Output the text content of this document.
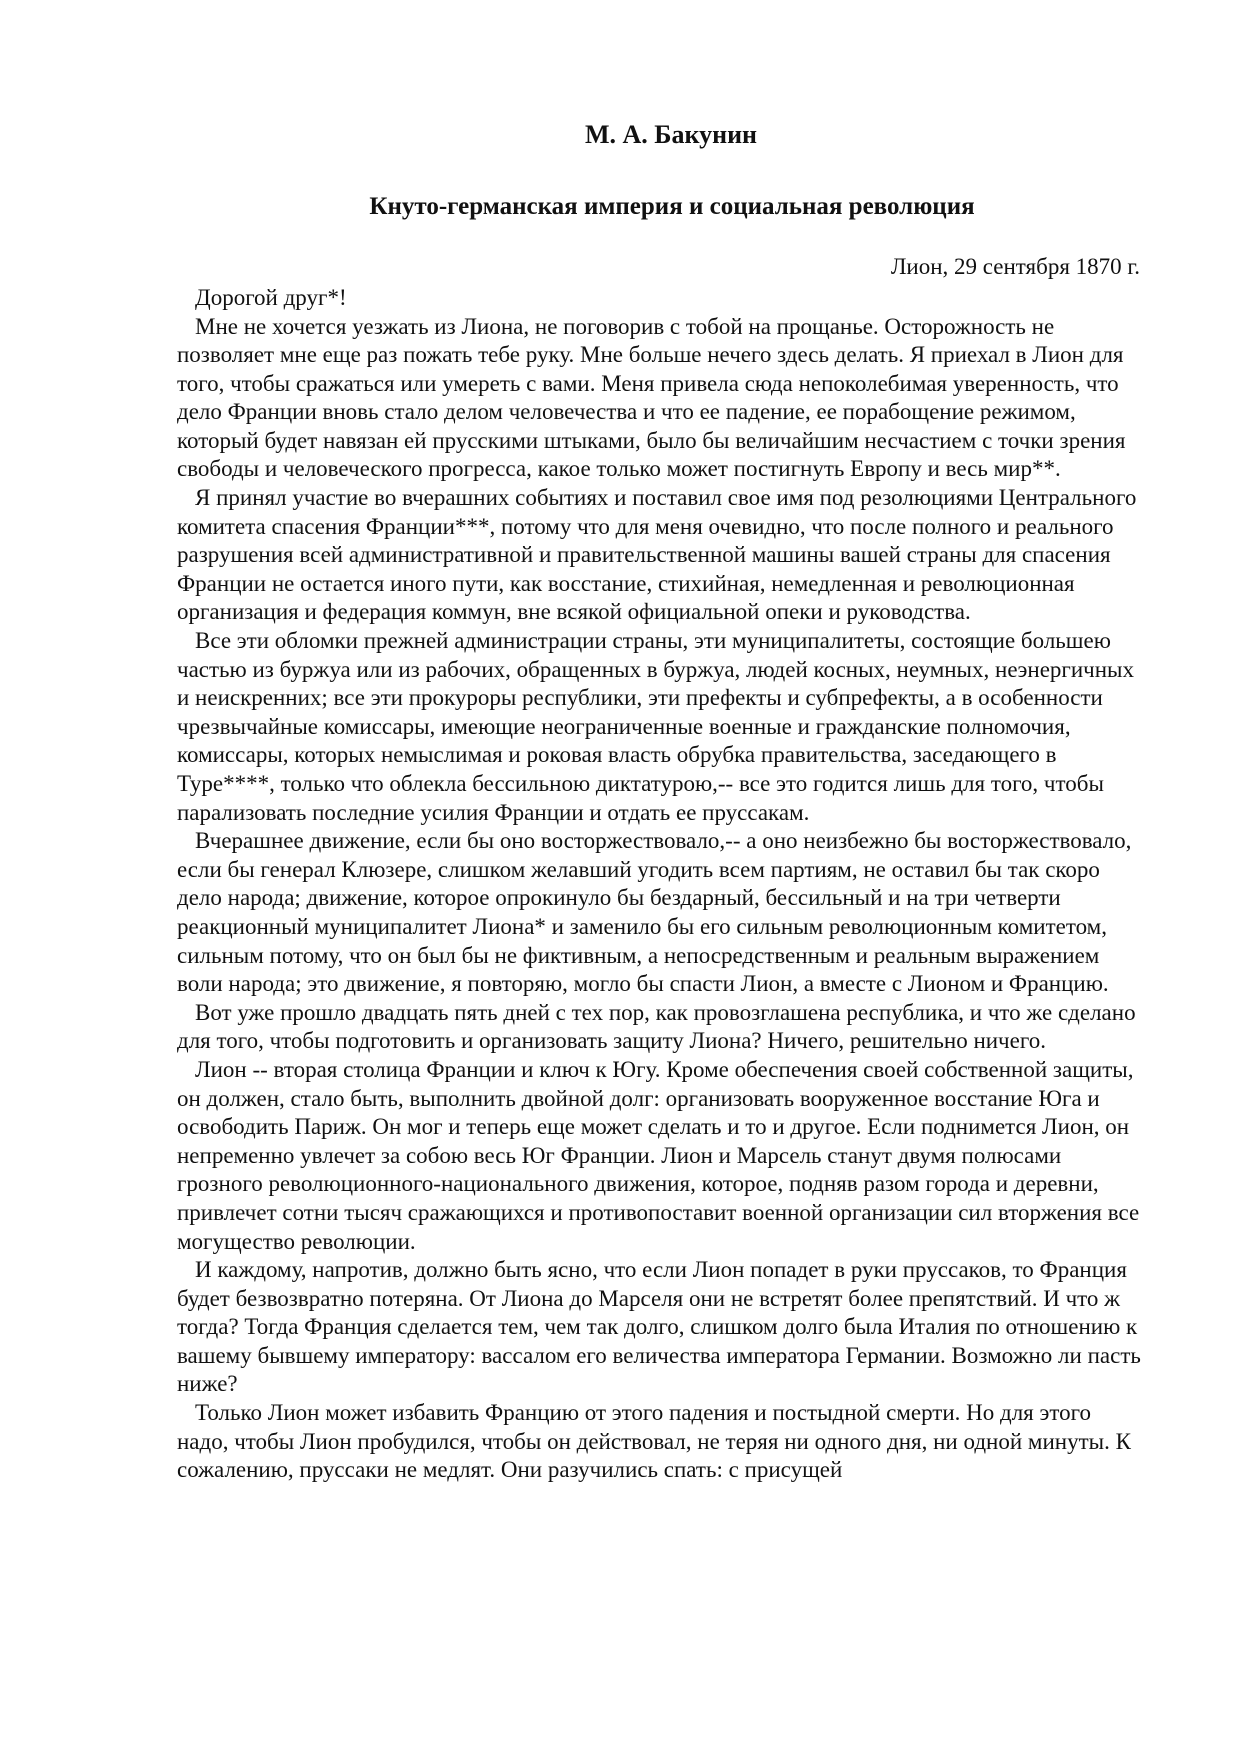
М. А. Бакунин
Кнуто-германская империя и социальная революция

Лион, 29 сентября 1870 г.

Дорогой друг*!

Мне не хочется уезжать из Лиона, не поговорив с тобой на прощанье. Осторожность не позволяет мне еще раз пожать тебе руку. Мне больше нечего здесь делать. Я приехал в Лион для того, чтобы сражаться или умереть с вами. Меня привела сюда непоколебимая уверенность, что дело Франции вновь стало делом человечества и что ее падение, ее порабощение режимом, который будет навязан ей прусскими штыками, было бы величайшим несчастием с точки зрения свободы и человеческого прогресса, какое только может постигнуть Европу и весь мир**.

Я принял участие во вчерашних событиях и поставил свое имя под резолюциями Центрального комитета спасения Франции***, потому что для меня очевидно, что после полного и реального разрушения всей административной и правительственной машины вашей страны для спасения Франции не остается иного пути, как восстание, стихийная, немедленная и революционная организация и федерация коммун, вне всякой официальной опеки и руководства.

Все эти обломки прежней администрации страны, эти муниципалитеты, состоящие большею частью из буржуа или из рабочих, обращенных в буржуа, людей косных, неумных, неэнергичных и неискренних; все эти прокуроры республики, эти префекты и субпрефекты, а в особенности чрезвычайные комиссары, имеющие неограниченные военные и гражданские полномочия, комиссары, которых немыслимая и роковая власть обрубка правительства, заседающего в Туре****, только что облекла бессильною диктатурою,-- все это годится лишь для того, чтобы парализовать последние усилия Франции и отдать ее пруссакам.

Вчерашнее движение, если бы оно восторжествовало,-- а оно неизбежно бы восторжествовало, если бы генерал Клюзере, слишком желавший угодить всем партиям, не оставил бы так скоро дело народа; движение, которое опрокинуло бы бездарный, бессильный и на три четверти реакционный муниципалитет Лиона* и заменило бы его сильным революционным комитетом, сильным потому, что он был бы не фиктивным, а непосредственным и реальным выражением воли народа; это движение, я повторяю, могло бы спасти Лион, а вместе с Лионом и Францию.

Вот уже прошло двадцать пять дней с тех пор, как провозглашена республика, и что же сделано для того, чтобы подготовить и организовать защиту Лиона? Ничего, решительно ничего.

Лион -- вторая столица Франции и ключ к Югу. Кроме обеспечения своей собственной защиты, он должен, стало быть, выполнить двойной долг: организовать вооруженное восстание Юга и освободить Париж. Он мог и теперь еще может сделать и то и другое. Если поднимется Лион, он непременно увлечет за собою весь Юг Франции. Лион и Марсель станут двумя полюсами грозного революционного-национального движения, которое, подняв разом города и деревни, привлечет сотни тысяч сражающихся и противопоставит военной организации сил вторжения все могущество революции.

И каждому, напротив, должно быть ясно, что если Лион попадет в руки пруссаков, то Франция будет безвозвратно потеряна. От Лиона до Марселя они не встретят более препятствий. И что ж тогда? Тогда Франция сделается тем, чем так долго, слишком долго была Италия по отношению к вашему бывшему императору: вассалом его величества императора Германии. Возможно ли пасть ниже?

Только Лион может избавить Францию от этого падения и постыдной смерти. Но для этого надо, чтобы Лион пробудился, чтобы он действовал, не теряя ни одного дня, ни одной минуты. К сожалению, пруссаки не медлят. Они разучились спать: с присущей
